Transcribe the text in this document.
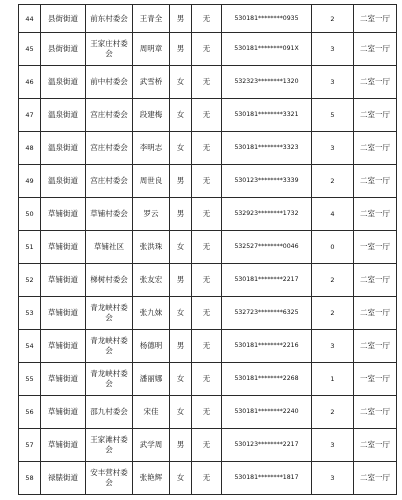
44	县街街道	前东村委会	王青全	男	无	530181********0935	2	二室一厅
45	县街街道	王家庄村委会	周明章	男	无	530181********091X	3	二室一厅
46	温泉街道	前中村委会	武雪桥	女	无	532323********1320	3	二室一厅
47	温泉街道	宫庄村委会	段建梅	女	无	530181********3321	5	二室一厅
48	温泉街道	宫庄村委会	李明志	女	无	530181********3323	3	二室一厅
49	温泉街道	宫庄村委会	周世良	男	无	530123********3339	2	二室一厅
50	草铺街道	草铺村委会	罗云	男	无	532923********1732	4	二室一厅
51	草铺街道	草铺社区	张洪珠	女	无	532527********0046	0	一室一厅
52	草铺街道	梯树村委会	张友宏	男	无	530181********2217	2	二室一厅
53	草铺街道	青龙峡村委会	张九妹	女	无	532723********6325	2	二室一厅
54	草铺街道	青龙峡村委会	杨德明	男	无	530181********2216	3	二室一厅
55	草铺街道	青龙峡村委会	潘丽娜	女	无	530181********2268	1	一室一厅
56	草铺街道	邵九村委会	宋佳	女	无	530181********2240	2	二室一厅
57	草铺街道	王家滩村委会	武学周	男	无	530123********2217	3	二室一厅
58	禄脿街道	安丰营村委会	张艳辉	女	无	530181********1817	3	二室一厅
